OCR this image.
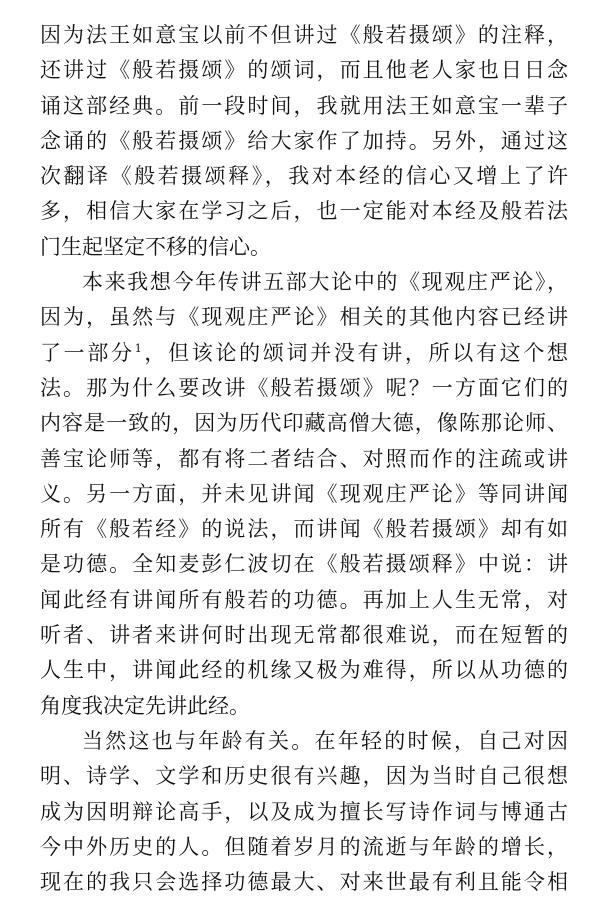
因为法王如意宝以前不但讲过《般若摄颂》的注释，
还讲过《般若摄颂》的颂词，而且他老人家也日日念
诵这部经典。前一段时间，我就用法王如意宝一辈子
念诵的《般若摄颂》给大家作了加持。另外，通过这
次翻译《般若摄颂释》，我对本经的信心又增上了许
多，相信大家在学习之后，也一定能对本经及般若法
门生起坚定不移的信心。
本来我想今年传讲五部大论中的《现观庄严论》，
因为，虽然与《现观庄严论》相关的其他内容已经讲
了一部分$^1$，但该论的颂词并没有讲，所以有这个想
法。那为什么要改讲《般若摄颂》呢？一方面它们的
内容是一致的，因为历代印藏高僧大德，像陈那论师、
善宝论师等，都有将二者结合、对照而作的注疏或讲
义。另一方面，并未见讲闻《现观庄严论》等同讲闻
所有《般若经》的说法，而讲闻《般若摄颂》却有如
是功德。全知麦彭仁波切在《般若摄颂释》中说：讲
闻此经有讲闻所有般若的功德。再加上人生无常，对
听者、讲者来讲何时出现无常都很难说，而在短暂的
人生中，讲闻此经的机缘又极为难得，所以从功德的
角度我决定先讲此经。
当然这也与年龄有关。在年轻的时候，自己对因
明、诗学、文学和历史很有兴趣，因为当时自己很想
成为因明辩论高手，以及成为擅长写诗作词与博通古
今中外历史的人。但随着岁月的流逝与年龄的增长，
现在的我只会选择功德最大、对来世最有利且能令相
